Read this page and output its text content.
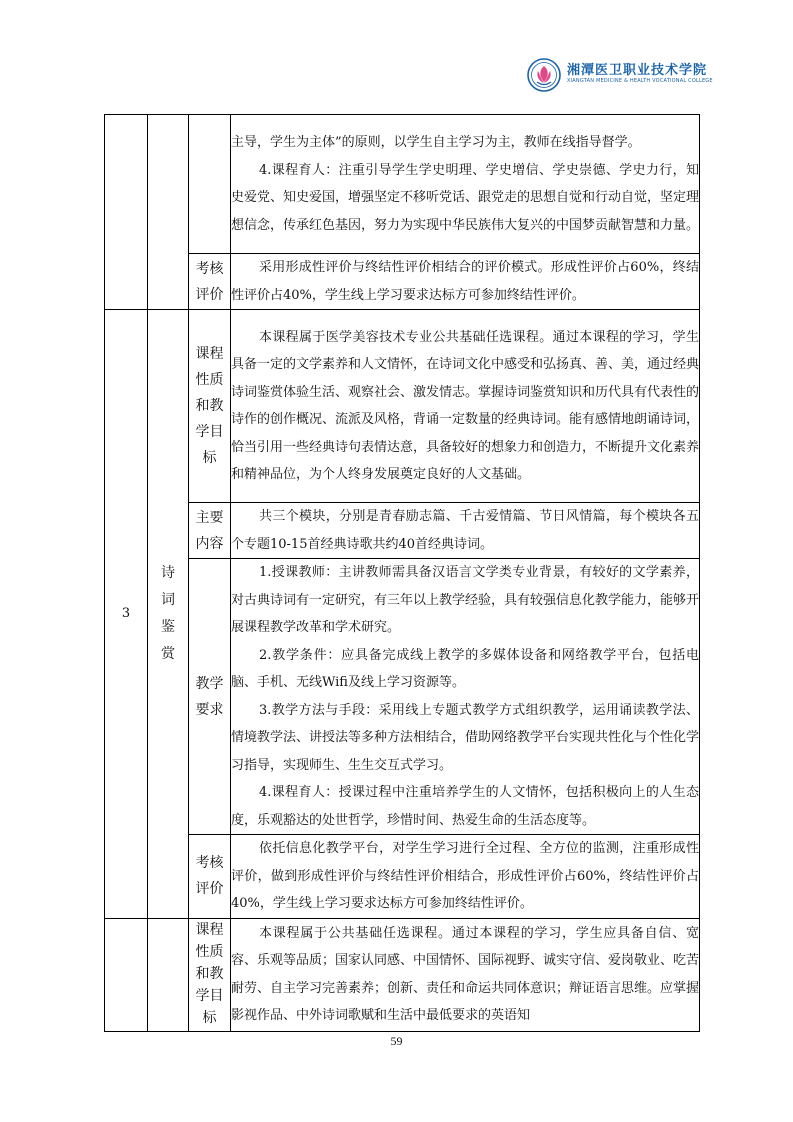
湘潭医卫职业技术学院
XIANGTAN MEDICINE & HEALTH VOCATIONAL COLLEGE

			主导，学生为主体”的原则，以学生自主学习为主，教师在线指导督学。
4.课程育人：注重引导学生学史明理、学史增信、学史崇德、学史力行，知史爱党、知史爱国，增强坚定不移听党话、跟党走的思想自觉和行动自觉，坚定理想信念，传承红色基因，努力为实现中华民族伟大复兴的中国梦贡献智慧和力量。

		考核评价	采用形成性评价与终结性评价相结合的评价模式。形成性评价占60%，终结性评价占40%，学生线上学习要求达标方可参加终结性评价。

3	诗词鉴赏	课程性质和教学目标	本课程属于医学美容技术专业公共基础任选课程。通过本课程的学习，学生具备一定的文学素养和人文情怀，在诗词文化中感受和弘扬真、善、美，通过经典诗词鉴赏体验生活、观察社会、激发情志。掌握诗词鉴赏知识和历代具有代表性的诗作的创作概况、流派及风格，背诵一定数量的经典诗词。能有感情地朗诵诗词，恰当引用一些经典诗句表情达意，具备较好的想象力和创造力，不断提升文化素养和精神品位，为个人终身发展奠定良好的人文基础。

		主要内容	共三个模块，分别是青春励志篇、千古爱情篇、节日风情篇，每个模块各五个专题10-15首经典诗歌共约40首经典诗词。

		教学要求	1.授课教师：主讲教师需具备汉语言文学类专业背景，有较好的文学素养，对古典诗词有一定研究，有三年以上教学经验，具有较强信息化教学能力，能够开展课程教学改革和学术研究。
2.教学条件：应具备完成线上教学的多媒体设备和网络教学平台，包括电脑、手机、无线Wifi及线上学习资源等。
3.教学方法与手段：采用线上专题式教学方式组织教学，运用诵读教学法、情境教学法、讲授法等多种方法相结合，借助网络教学平台实现共性化与个性化学习指导，实现师生、生生交互式学习。
4.课程育人：授课过程中注重培养学生的人文情怀，包括积极向上的人生态度，乐观豁达的处世哲学，珍惜时间、热爱生命的生活态度等。

		考核评价	依托信息化教学平台，对学生学习进行全过程、全方位的监测，注重形成性评价，做到形成性评价与终结性评价相结合，形成性评价占60%，终结性评价占40%，学生线上学习要求达标方可参加终结性评价。

		课程性质和教学目标	本课程属于公共基础任选课程。通过本课程的学习，学生应具备自信、宽容、乐观等品质；国家认同感、中国情怀、国际视野、诚实守信、爱岗敬业、吃苦耐劳、自主学习完善素养；创新、责任和命运共同体意识；辩证语言思维。应掌握影视作品、中外诗词歌赋和生活中最低要求的英语知
59
